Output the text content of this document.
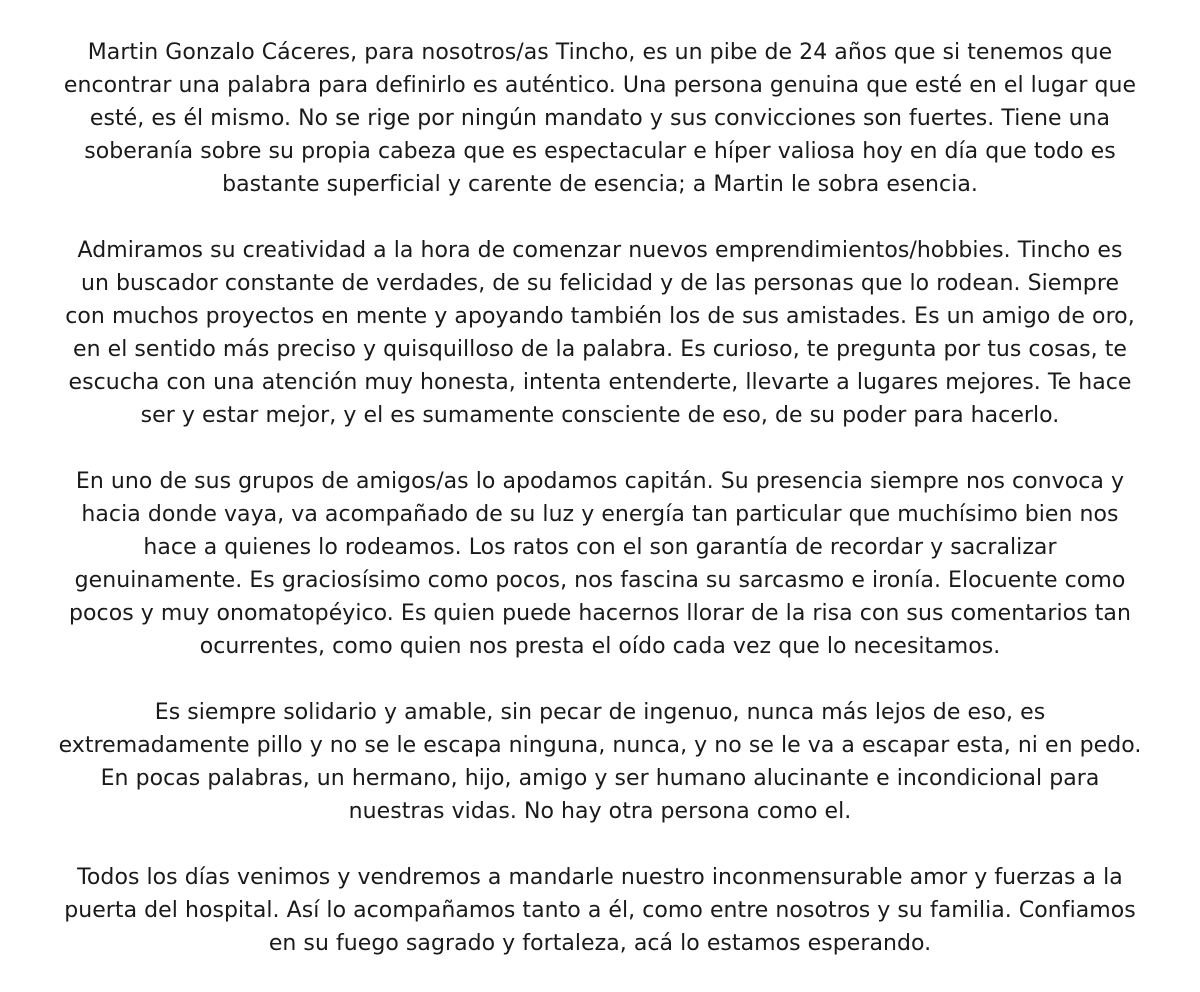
Martin Gonzalo Cáceres, para nosotros/as Tincho, es un pibe de 24 años que si tenemos que
encontrar una palabra para definirlo es auténtico. Una persona genuina que esté en el lugar que
esté, es él mismo. No se rige por ningún mandato y sus convicciones son fuertes. Tiene una
soberanía sobre su propia cabeza que es espectacular e híper valiosa hoy en día que todo es
bastante superficial y carente de esencia; a Martin le sobra esencia.
Admiramos su creatividad a la hora de comenzar nuevos emprendimientos/hobbies. Tincho es
un buscador constante de verdades, de su felicidad y de las personas que lo rodean. Siempre
con muchos proyectos en mente y apoyando también los de sus amistades. Es un amigo de oro,
en el sentido más preciso y quisquilloso de la palabra. Es curioso, te pregunta por tus cosas, te
escucha con una atención muy honesta, intenta entenderte, llevarte a lugares mejores. Te hace
ser y estar mejor, y el es sumamente consciente de eso, de su poder para hacerlo.
En uno de sus grupos de amigos/as lo apodamos capitán. Su presencia siempre nos convoca y
hacia donde vaya, va acompañado de su luz y energía tan particular que muchísimo bien nos
hace a quienes lo rodeamos. Los ratos con el son garantía de recordar y sacralizar
genuinamente. Es graciosísimo como pocos, nos fascina su sarcasmo e ironía. Elocuente como
pocos y muy onomatopéyico. Es quien puede hacernos llorar de la risa con sus comentarios tan
ocurrentes, como quien nos presta el oído cada vez que lo necesitamos.
Es siempre solidario y amable, sin pecar de ingenuo, nunca más lejos de eso, es
extremadamente pillo y no se le escapa ninguna, nunca, y no se le va a escapar esta, ni en pedo.
En pocas palabras, un hermano, hijo, amigo y ser humano alucinante e incondicional para
nuestras vidas. No hay otra persona como el.
Todos los días venimos y vendremos a mandarle nuestro inconmensurable amor y fuerzas a la
puerta del hospital. Así lo acompañamos tanto a él, como entre nosotros y su familia. Confiamos
en su fuego sagrado y fortaleza, acá lo estamos esperando.
